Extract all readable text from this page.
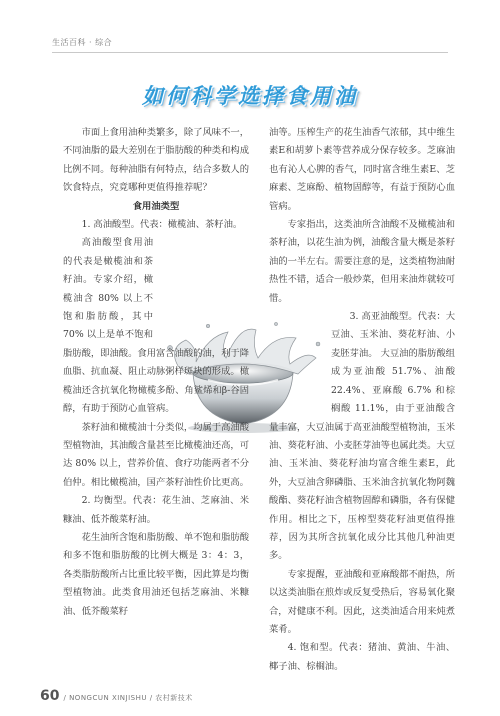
生活百科 · 综合
如何科学选择食用油

市面上食用油种类繁多，除了风味不一，不同油脂的最大差别在于脂肪酸的种类和构成比例不同。每种油脂有何特点，结合多数人的饮食特点，究竟哪种更值得推荐呢？

食用油类型

1. 高油酸型。代表：橄榄油、茶籽油。

高油酸型食用油的代表是橄榄油和茶籽油。专家介绍，橄榄油含 80% 以上不饱和脂肪酸，其中 70% 以上是单不饱和脂肪酸，即油酸。食用富含油酸的油，利于降血脂、抗血凝、阻止动脉粥样斑块的形成。橄榄油还含抗氧化物橄榄多酚、角鲨烯和β-谷固醇，有助于预防心血管病。

茶籽油和橄榄油十分类似，均属于高油酸型植物油，其油酸含量甚至比橄榄油还高，可达 80% 以上，营养价值、食疗功能两者不分伯仲。相比橄榄油，国产茶籽油性价比更高。

2. 均衡型。代表：花生油、芝麻油、米糠油、低芥酸菜籽油。

花生油所含饱和脂肪酸、单不饱和脂肪酸和多不饱和脂肪酸的比例大概是 3：4：3，各类脂肪酸所占比重比较平衡，因此算是均衡型植物油。此类食用油还包括芝麻油、米糠油、低芥酸菜籽

油等。压榨生产的花生油香气浓郁，其中维生素E和胡萝卜素等营养成分保存较多。芝麻油也有沁人心脾的香气，同时富含维生素E、芝麻素、芝麻酚、植物固醇等，有益于预防心血管病。

专家指出，这类油所含油酸不及橄榄油和茶籽油，以花生油为例，油酸含量大概是茶籽油的一半左右。需要注意的是，这类植物油耐热性不错，适合一般炒菜，但用来油炸就较可惜。

3. 高亚油酸型。代表：大豆油、玉米油、葵花籽油、小麦胚芽油。 大豆油的脂肪酸组成为亚油酸 51.7%、油酸 22.4%、亚麻酸 6.7% 和棕榈酸 11.1%，由于亚油酸含量丰富，大豆油属于高亚油酸型植物油，玉米油、葵花籽油、小麦胚芽油等也属此类。大豆油、玉米油、葵花籽油均富含维生素E，此外，大豆油含卵磷脂、玉米油含抗氧化物阿魏酸酯、葵花籽油含植物固醇和磷脂，各有保健作用。相比之下，压榨型葵花籽油更值得推荐，因为其所含抗氧化成分比其他几种油更多。

专家提醒，亚油酸和亚麻酸都不耐热，所以这类油脂在煎炸或反复受热后，容易氧化聚合，对健康不利。因此，这类油适合用来炖煮菜肴。

4. 饱和型。代表：猪油、黄油、牛油、椰子油、棕榈油。

60 / NONGCUN XINJISHU / 农村新技术
